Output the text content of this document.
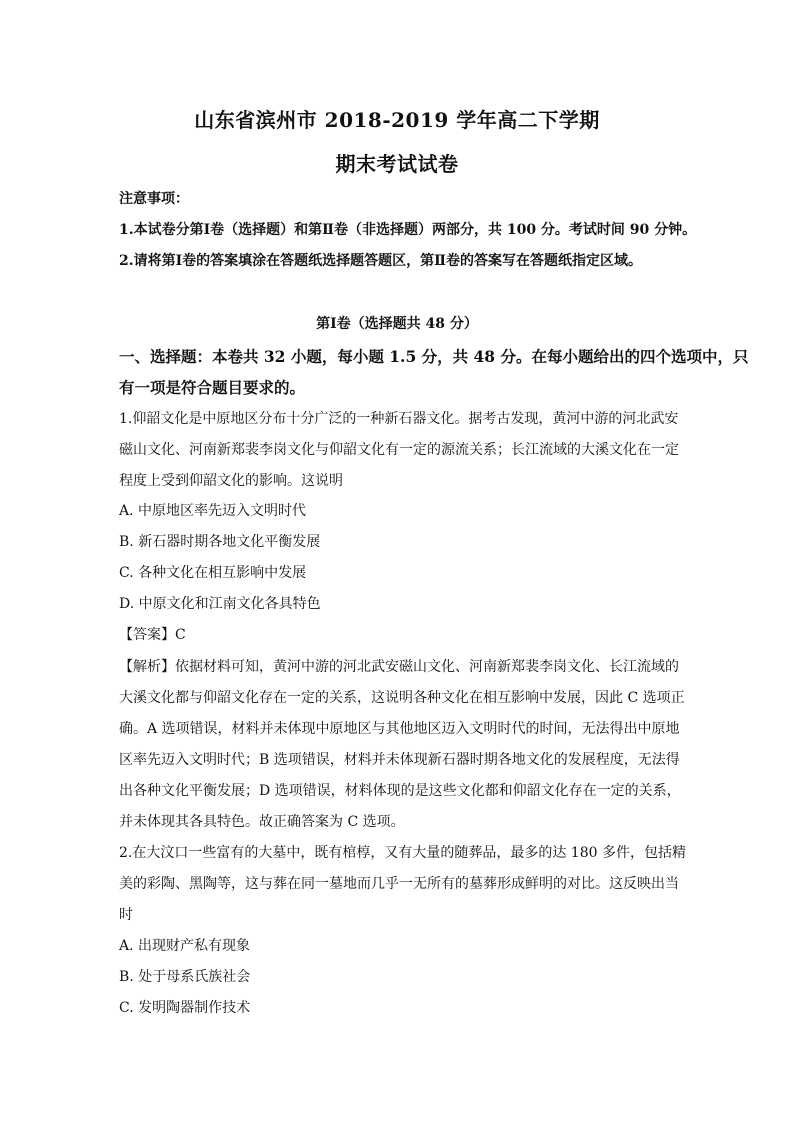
山东省滨州市 2018-2019 学年高二下学期
期末考试试卷
注意事项：
1.本试卷分第Ⅰ卷（选择题）和第Ⅱ卷（非选择题）两部分，共 100 分。考试时间 90 分钟。
2.请将第Ⅰ卷的答案填涂在答题纸选择题答题区，第Ⅱ卷的答案写在答题纸指定区域。
第Ⅰ卷（选择题共 48 分）
一、选择题：本卷共 32 小题，每小题 1.5 分，共 48 分。在每小题给出的四个选项中，只
有一项是符合题目要求的。
1.仰韶文化是中原地区分布十分广泛的一种新石器文化。据考古发现，黄河中游的河北武安
磁山文化、河南新郑裴李岗文化与仰韶文化有一定的源流关系；长江流域的大溪文化在一定
程度上受到仰韶文化的影响。这说明
A. 中原地区率先迈入文明时代
B. 新石器时期各地文化平衡发展
C. 各种文化在相互影响中发展
D. 中原文化和江南文化各具特色
【答案】C
【解析】依据材料可知，黄河中游的河北武安磁山文化、河南新郑裴李岗文化、长江流域的
大溪文化都与仰韶文化存在一定的关系，这说明各种文化在相互影响中发展，因此 C 选项正
确。A 选项错误，材料并未体现中原地区与其他地区迈入文明时代的时间，无法得出中原地
区率先迈入文明时代；B 选项错误，材料并未体现新石器时期各地文化的发展程度，无法得
出各种文化平衡发展；D 选项错误，材料体现的是这些文化都和仰韶文化存在一定的关系，
并未体现其各具特色。故正确答案为 C 选项。
2.在大汶口一些富有的大墓中，既有棺椁，又有大量的随葬品，最多的达 180 多件，包括精
美的彩陶、黑陶等，这与葬在同一墓地而几乎一无所有的墓葬形成鲜明的对比。这反映出当
时
A. 出现财产私有现象
B. 处于母系氏族社会
C. 发明陶器制作技术
